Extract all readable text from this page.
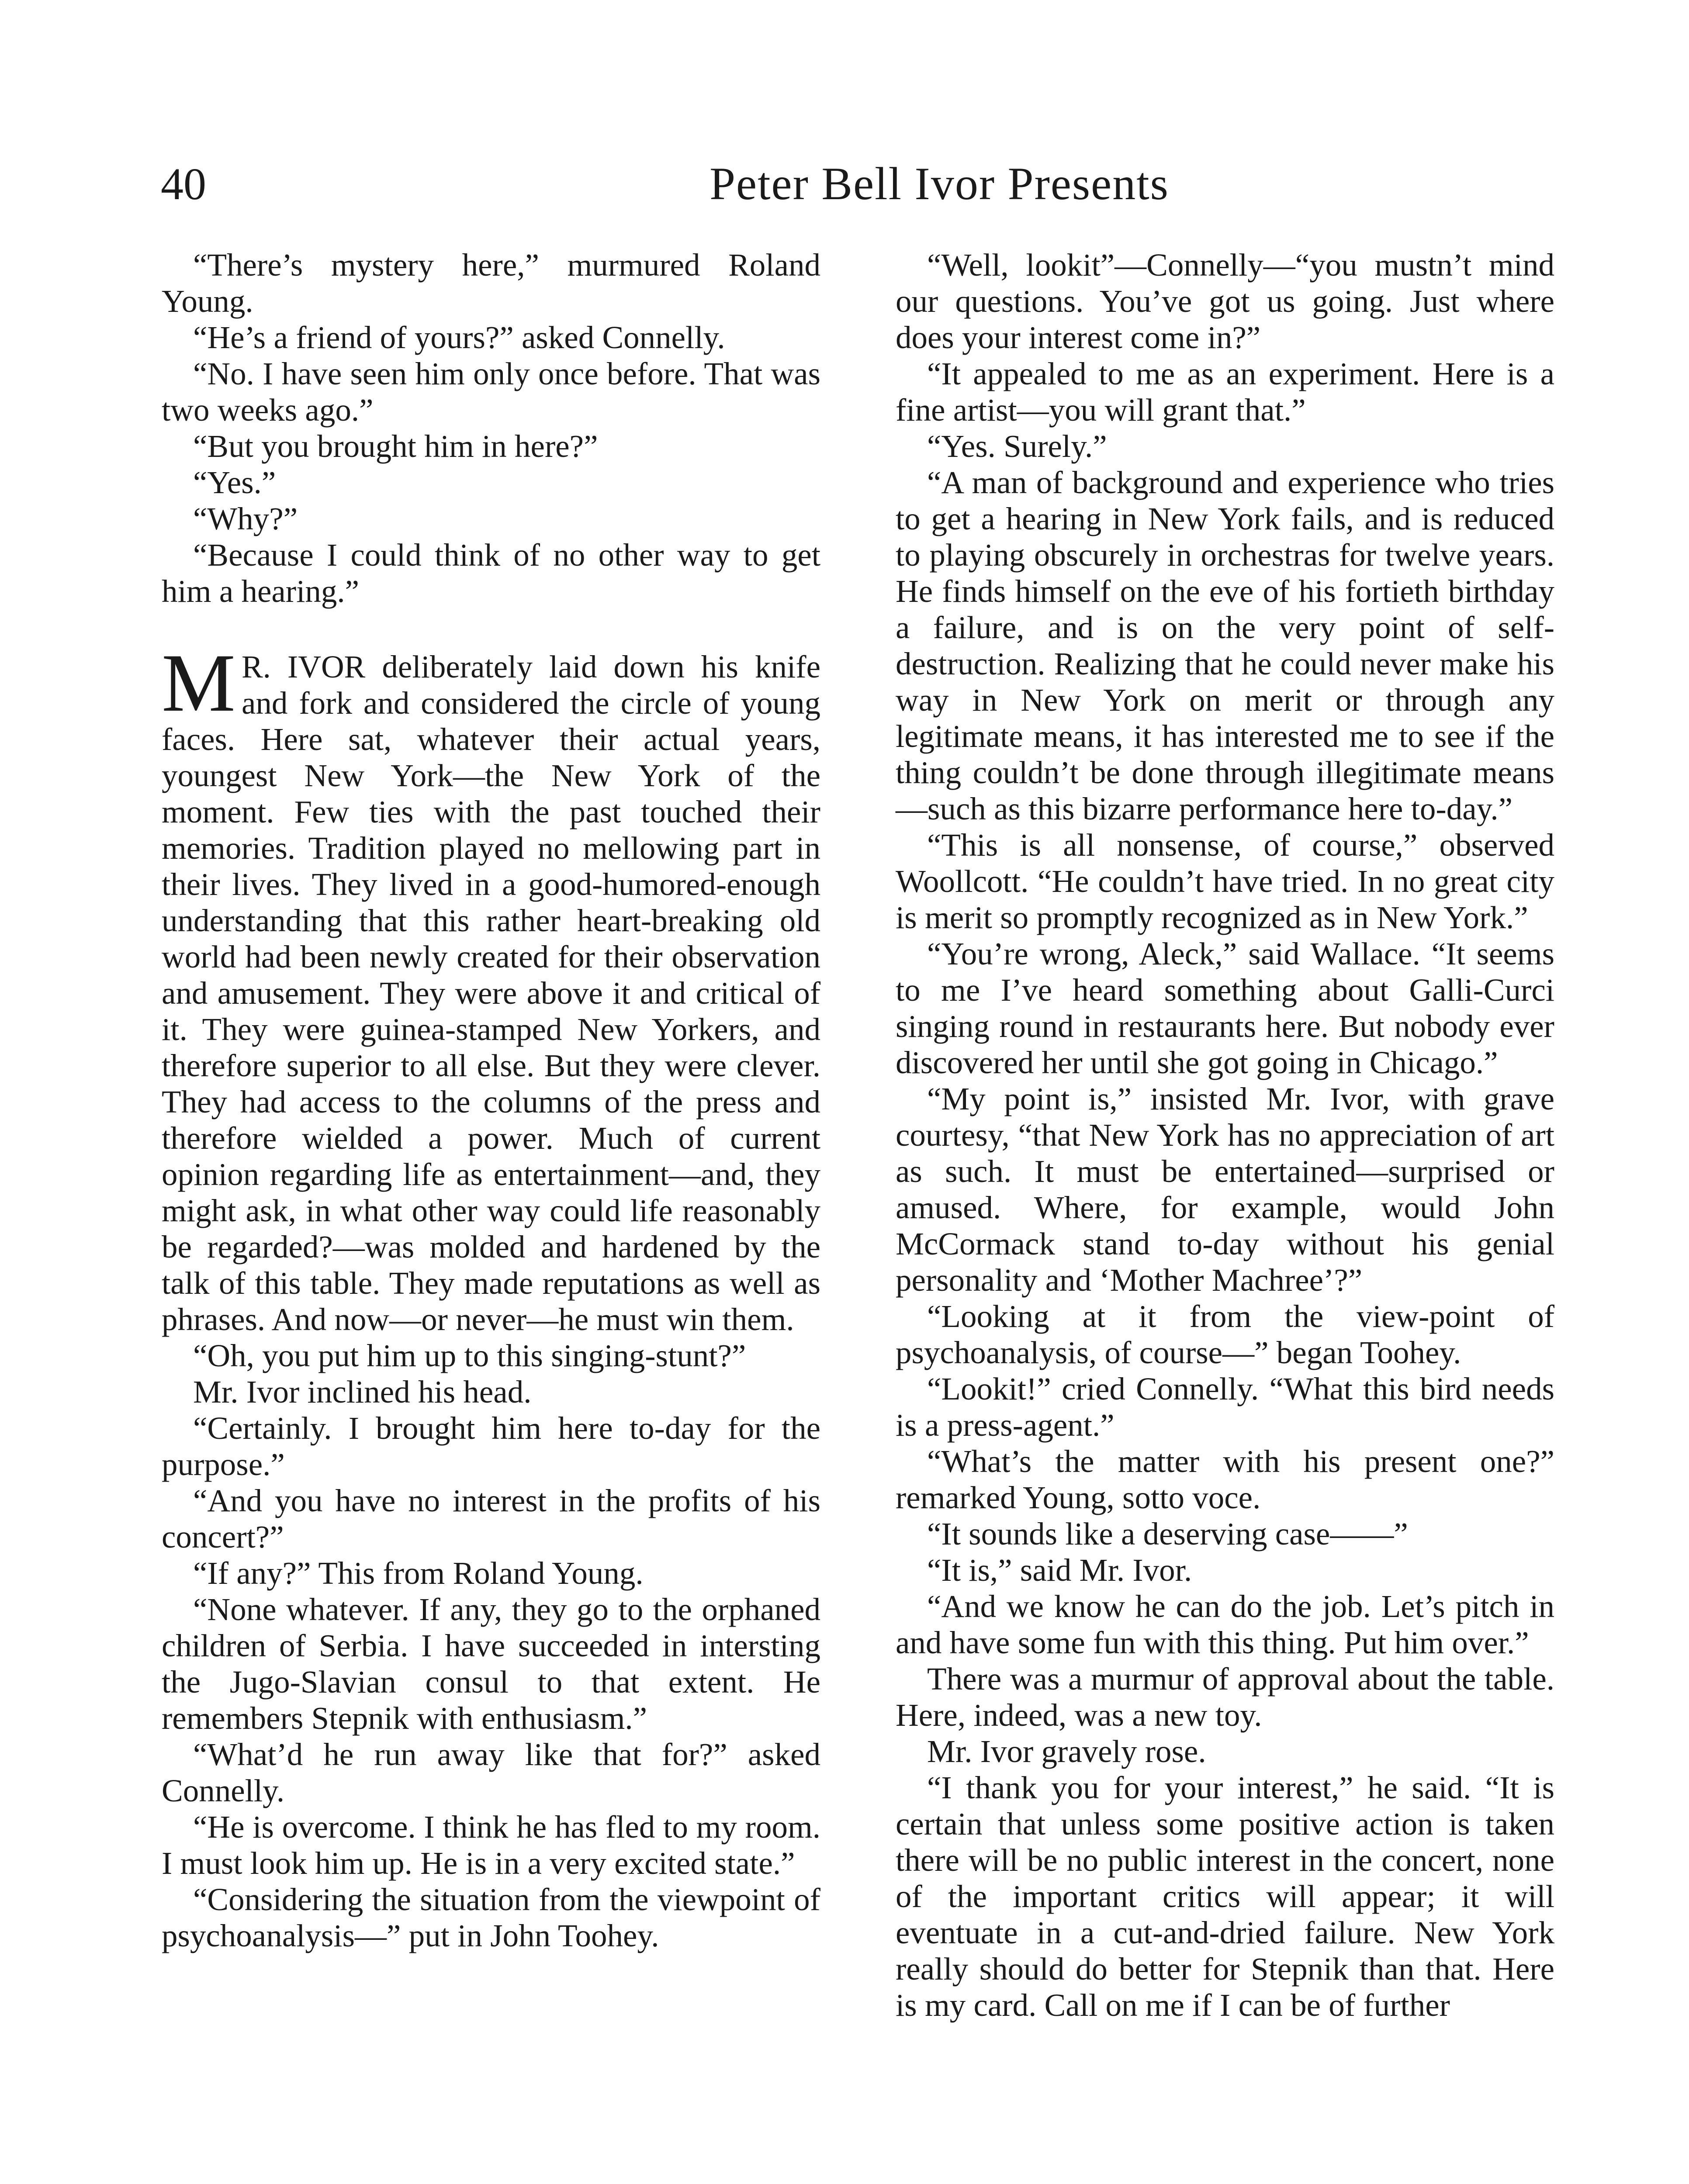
40	Peter Bell Ivor Presents

“There’s mystery here,” murmured Roland Young.

“He’s a friend of yours?” asked Connelly.

“No. I have seen him only once before. That was two weeks ago.”

“But you brought him in here?”

“Yes.”

“Why?”

“Because I could think of no other way to get him a hearing.”

M R. IVOR deliberately laid down his knife and fork and considered the circle of young faces. Here sat, whatever their actual years, youngest New York—the New York of the moment. Few ties with the past touched their memories. Tradition played no mellowing part in their lives. They lived in a good-humored-enough understanding that this rather heart-breaking old world had been newly created for their observation and amusement. They were above it and critical of it. They were guinea-stamped New Yorkers, and therefore superior to all else. But they were clever. They had access to the columns of the press and therefore wielded a power. Much of current opinion regarding life as entertainment—and, they might ask, in what other way could life reasonably be regarded?—was molded and hardened by the talk of this table. They made reputations as well as phrases. And now—or never—he must win them.

“Oh, you put him up to this singing-stunt?”

Mr. Ivor inclined his head.

“Certainly. I brought him here to-day for the purpose.”

“And you have no interest in the profits of his concert?”

“If any?” This from Roland Young.

“None whatever. If any, they go to the orphaned children of Serbia. I have succeeded in intersting the Jugo-Slavian consul to that extent. He remembers Stepnik with enthusiasm.”

“What’d he run away like that for?” asked Connelly.

“He is overcome. I think he has fled to my room. I must look him up. He is in a very excited state.”

“Considering the situation from the viewpoint of psychoanalysis—” put in John Toohey.

“Well, lookit”—Connelly—“you mustn’t mind our questions. You’ve got us going. Just where does your interest come in?”

“It appealed to me as an experiment. Here is a fine artist—you will grant that.”

“Yes. Surely.”

“A man of background and experience who tries to get a hearing in New York fails, and is reduced to playing obscurely in orchestras for twelve years. He finds himself on the eve of his fortieth birthday a failure, and is on the very point of self-destruction. Realizing that he could never make his way in New York on merit or through any legitimate means, it has interested me to see if the thing couldn’t be done through illegitimate means—such as this bizarre performance here to-day.”

“This is all nonsense, of course,” observed Woollcott. “He couldn’t have tried. In no great city is merit so promptly recognized as in New York.”

“You’re wrong, Aleck,” said Wallace. “It seems to me I’ve heard something about Galli-Curci singing round in restaurants here. But nobody ever discovered her until she got going in Chicago.”

“My point is,” insisted Mr. Ivor, with grave courtesy, “that New York has no appreciation of art as such. It must be entertained—surprised or amused. Where, for example, would John McCormack stand to-day without his genial personality and ‘Mother Machree’?”

“Looking at it from the view-point of psychoanalysis, of course—” began Toohey.

“Lookit!” cried Connelly. “What this bird needs is a press-agent.”

“What’s the matter with his present one?” remarked Young, sotto voce.

“It sounds like a deserving case——”

“It is,” said Mr. Ivor.

“And we know he can do the job. Let’s pitch in and have some fun with this thing. Put him over.”

There was a murmur of approval about the table. Here, indeed, was a new toy.

Mr. Ivor gravely rose.

“I thank you for your interest,” he said. “It is certain that unless some positive action is taken there will be no public interest in the concert, none of the important critics will appear; it will eventuate in a cut-and-dried failure. New York really should do better for Stepnik than that. Here is my card. Call on me if I can be of further
